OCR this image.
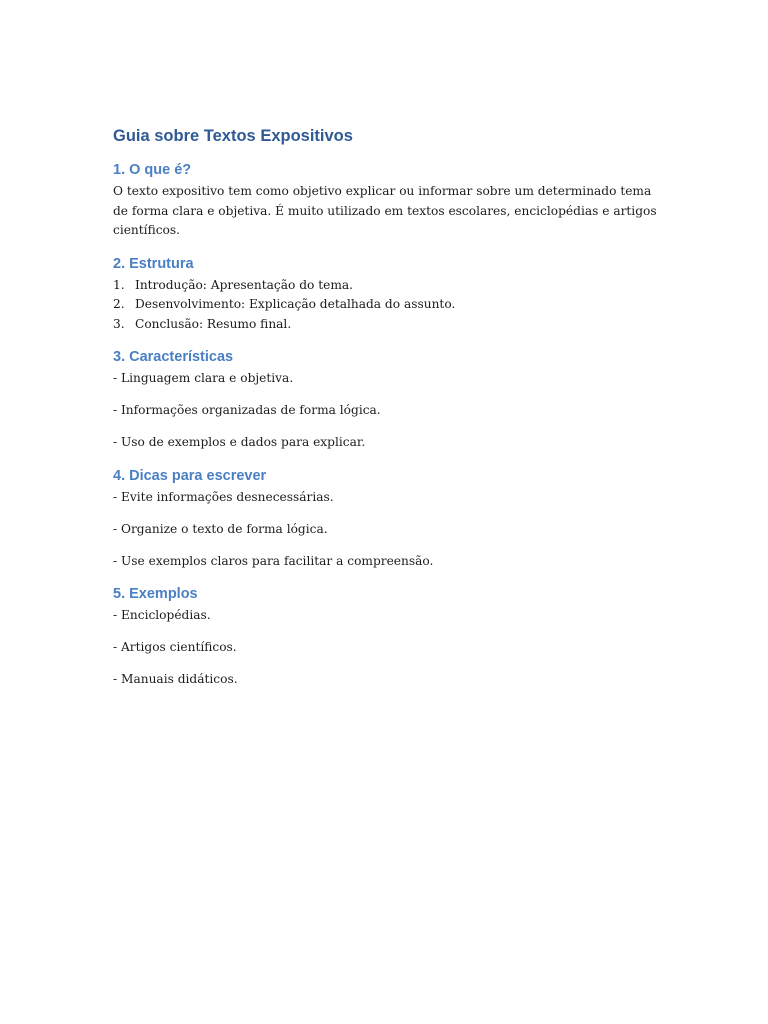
Guia sobre Textos Expositivos
1. O que é?

O texto expositivo tem como objetivo explicar ou informar sobre um determinado tema de forma clara e objetiva. É muito utilizado em textos escolares, enciclopédias e artigos científicos.

2. Estrutura
1. Introdução: Apresentação do tema.
2. Desenvolvimento: Explicação detalhada do assunto.
3. Conclusão: Resumo final.
3. Características

- Linguagem clara e objetiva.

- Informações organizadas de forma lógica.

- Uso de exemplos e dados para explicar.

4. Dicas para escrever

- Evite informações desnecessárias.

- Organize o texto de forma lógica.

- Use exemplos claros para facilitar a compreensão.

5. Exemplos

- Enciclopédias.

- Artigos científicos.

- Manuais didáticos.
